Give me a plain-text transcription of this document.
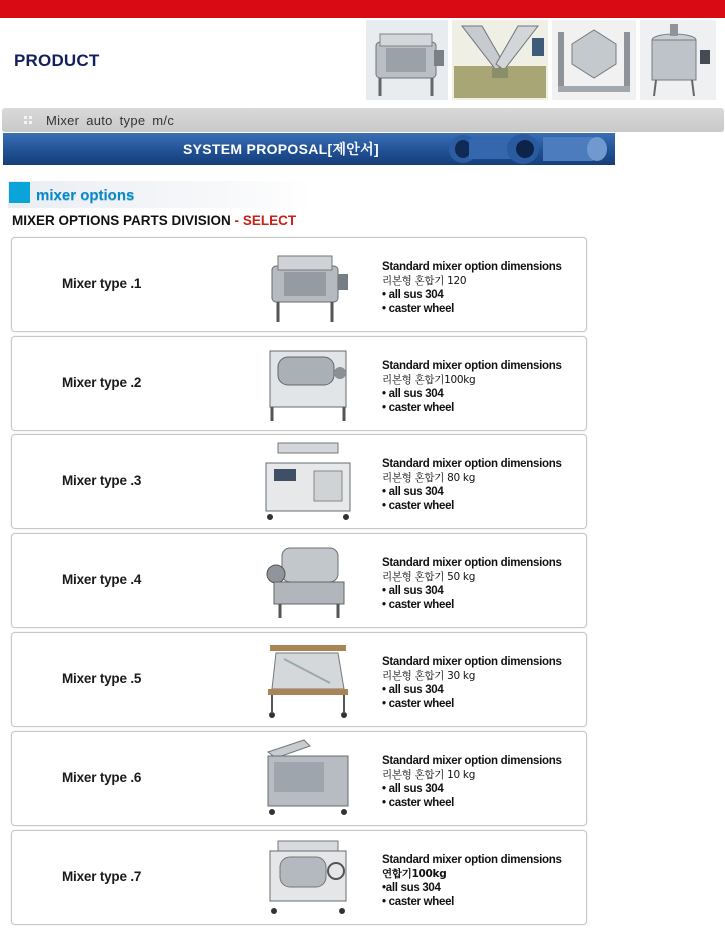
PRODUCT

Mixer auto type m/c
SYSTEM PROPOSAL[제안서]
mixer options
MIXER OPTIONS PARTS DIVISION - SELECT
Mixer type .1
Standard mixer option dimensions
리본형 혼합기 120
• all sus 304
• caster wheel
Mixer type .2
Standard mixer option dimensions
리본형 혼합기100kg
• all sus 304
• caster wheel
Mixer type .3
Standard mixer option dimensions
리본형 혼합기 80 kg
• all sus 304
• caster wheel
Mixer type .4
Standard mixer option dimensions
리본형 혼합기 50 kg
• all sus 304
• caster wheel
Mixer type .5
Standard mixer option dimensions
리본형 혼합기 30 kg
• all sus 304
• caster wheel
Mixer type .6
Standard mixer option dimensions
리본형 혼합기 10 kg
• all sus 304
• caster wheel
Mixer type .7
Standard mixer option dimensions
연합기100kg
•all sus 304
• caster wheel
